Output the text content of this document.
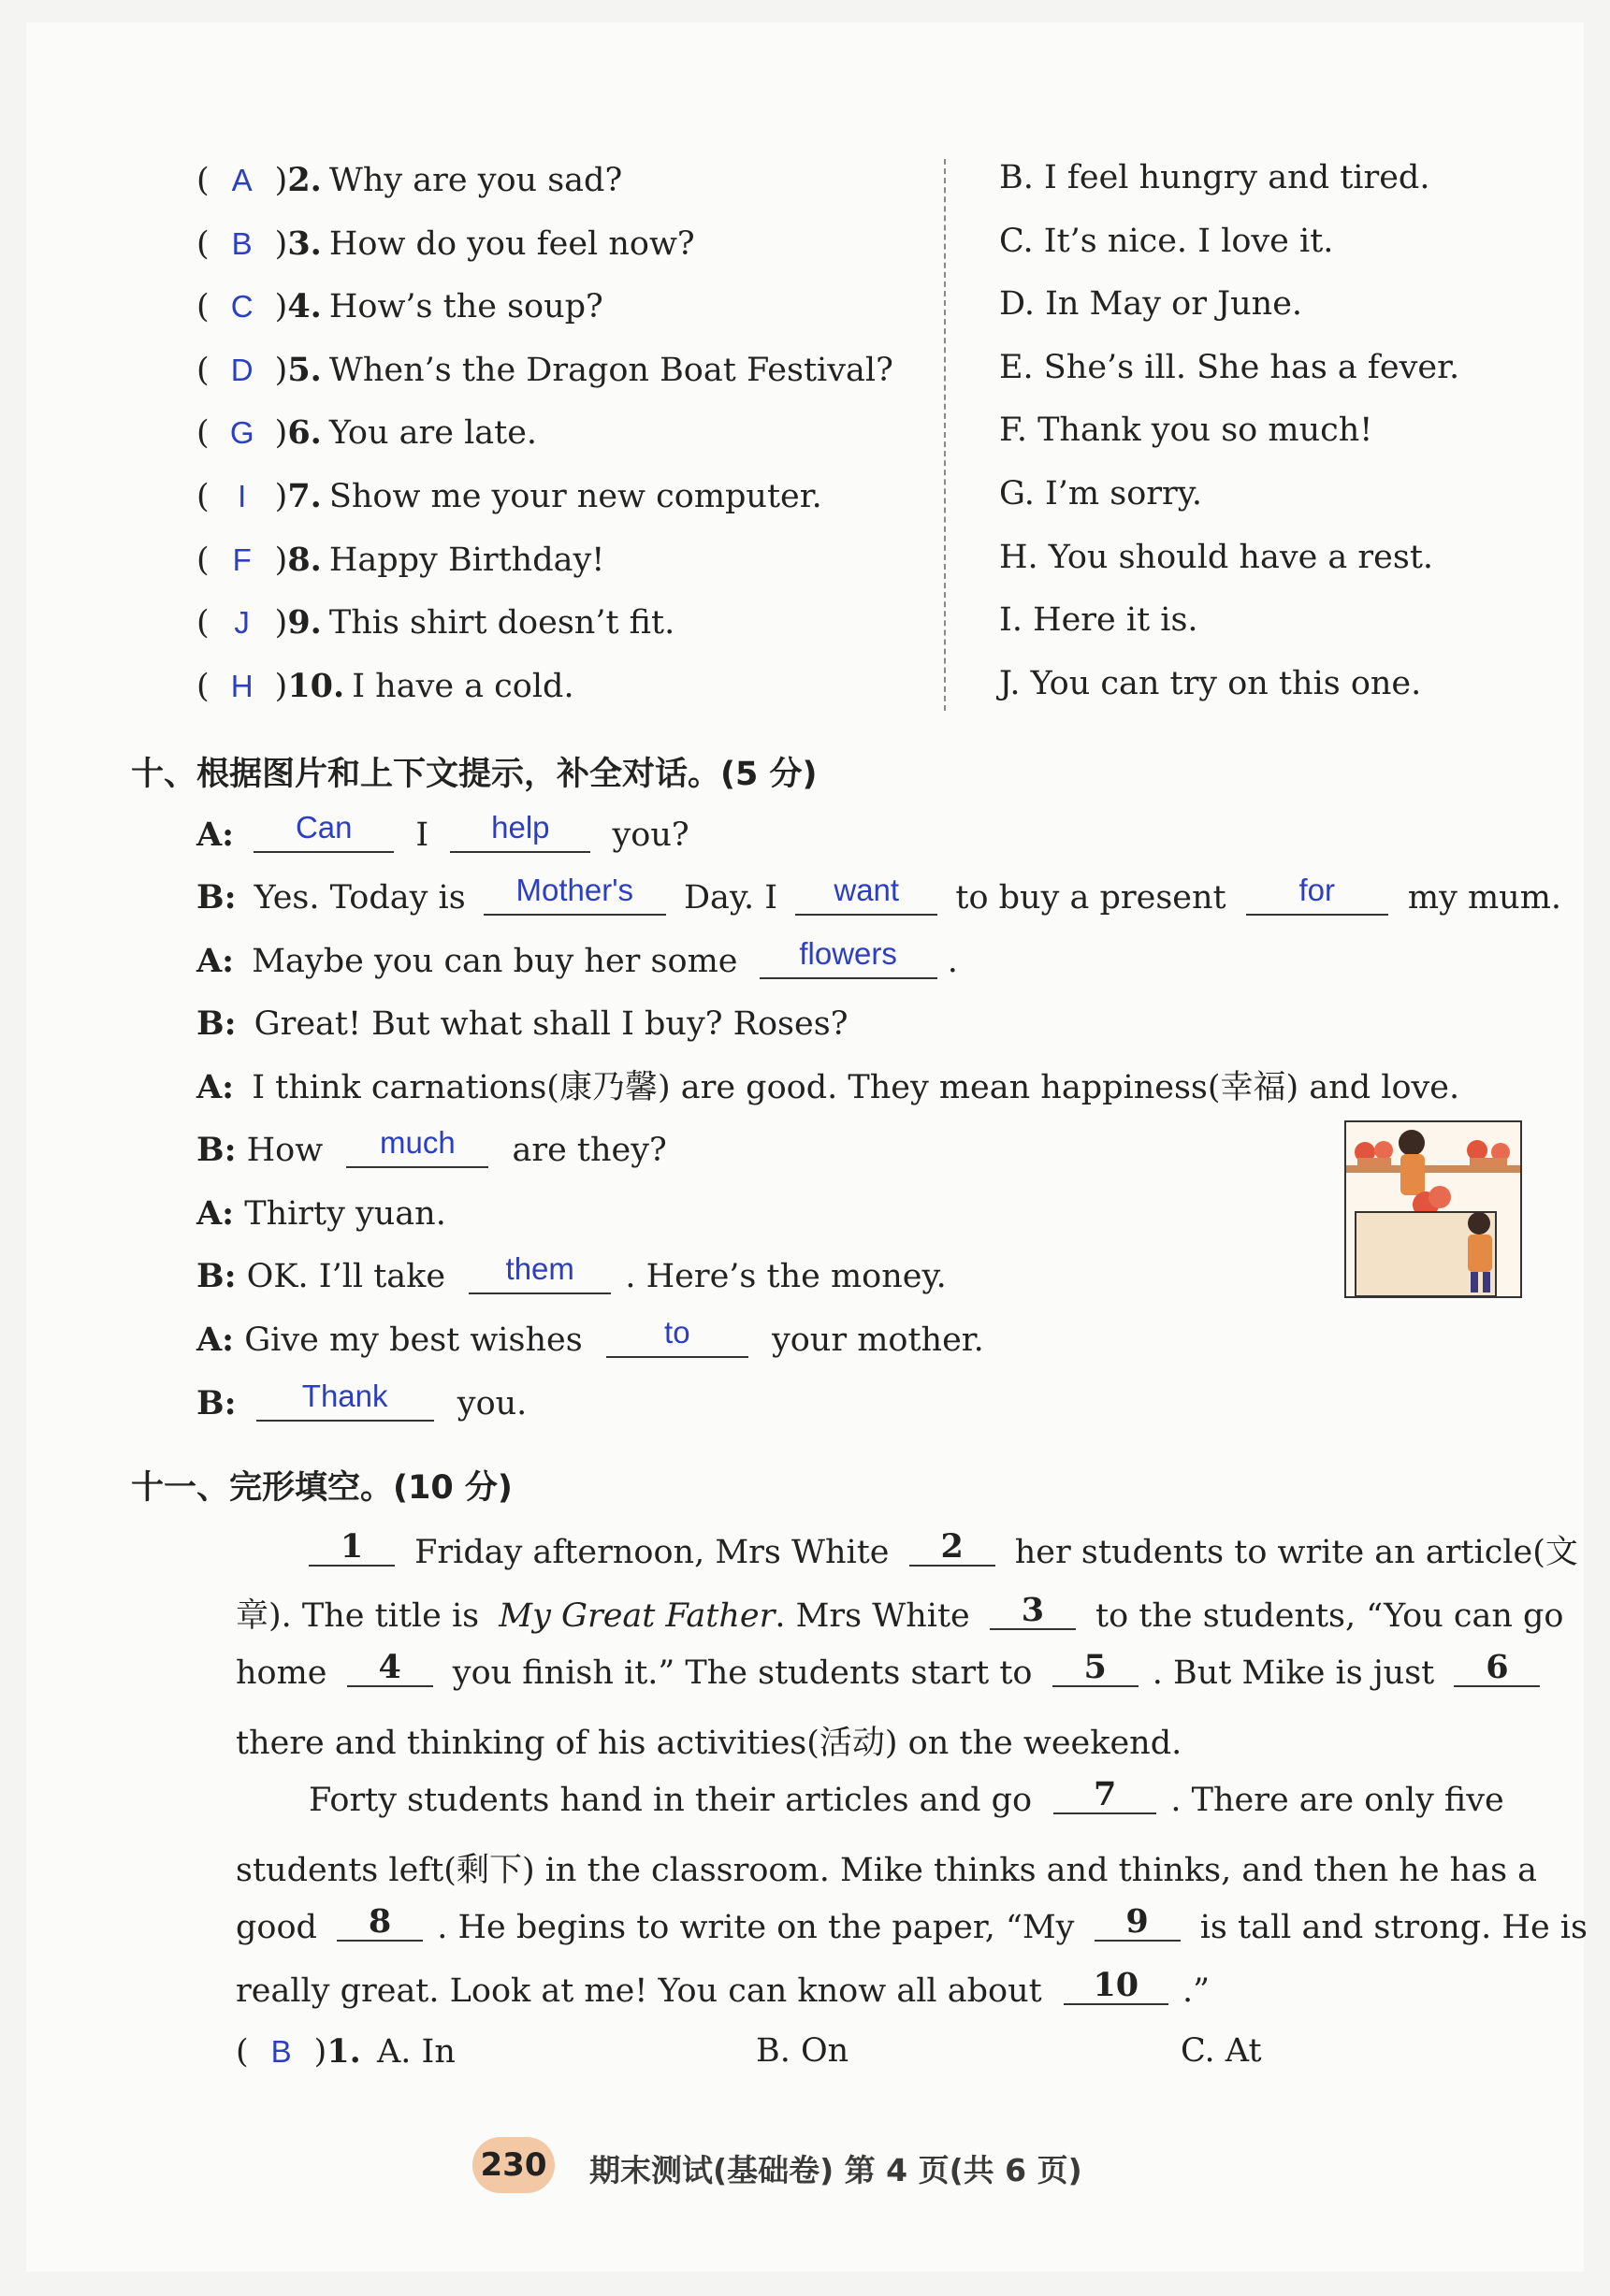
( A )2. Why are you sad?
( B )3. How do you feel now?
( C )4. How’s the soup?
( D )5. When’s the Dragon Boat Festival?
( G )6. You are late.
( I )7. Show me your new computer.
( F )8. Happy Birthday!
( J )9. This shirt doesn’t fit.
( H )10. I have a cold.
B. I feel hungry and tired.
C. It’s nice. I love it.
D. In May or June.
E. She’s ill. She has a fever.
F. Thank you so much!
G. I’m sorry.
H. You should have a rest.
I. Here it is.
J. You can try on this one.
十、根据图片和上下文提示，补全对话。(5 分)
A: Can I help you?
B: Yes. Today is Mother's Day. I want to buy a present for my mum.
A: Maybe you can buy her some flowers .
B: Great! But what shall I buy? Roses?
A: I think carnations(康乃馨) are good. They mean happiness(幸福) and love.
B: How much are they?
A: Thirty yuan.
B: OK. I’ll take them . Here’s the money.
A: Give my best wishes	to your mother.
B: Thank you.
十一、完形填空。(10 分)
1 Friday afternoon, Mrs White 2 her students to write an article(文
章). The title is My Great Father. Mrs White 3 to the students, “You can go
home 4 you finish it.” The students start to 5 . But Mike is just 6
there and thinking of his activities(活动) on the weekend.
Forty students hand in their articles and go 7 . There are only five
students left(剩下) in the classroom. Mike thinks and thinks, and then he has a
good 8 . He begins to write on the paper, “My 9 is tall and strong. He is
really great. Look at me! You can know all about 10 .”
( B )1. A. In	B. On	C. At
230 期末测试(基础卷) 第 4 页(共 6 页)
